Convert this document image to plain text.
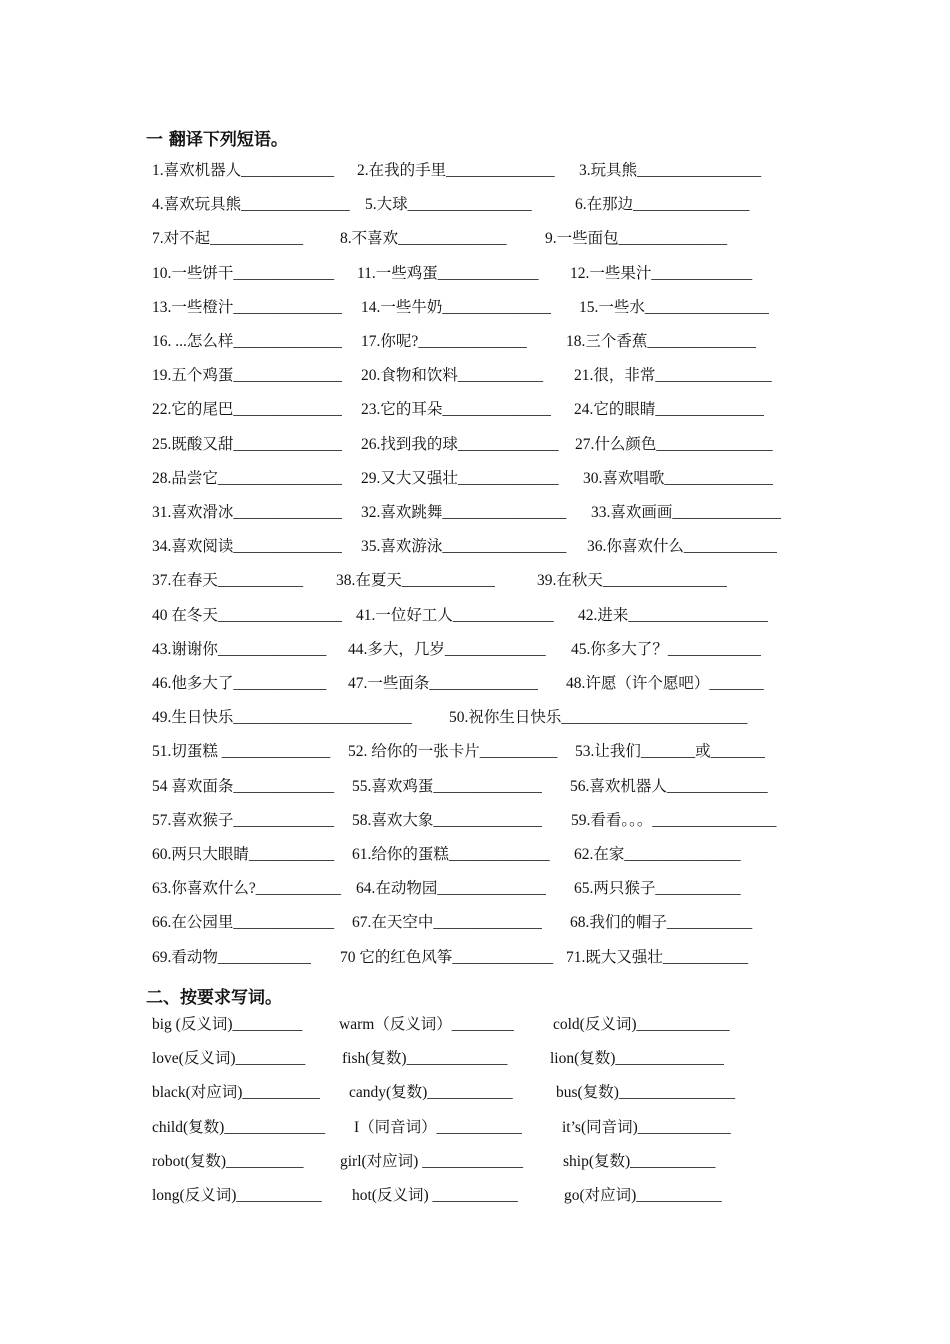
一 翻译下列短语。
1.喜欢机器人____________ 2.在我的手里______________ 3.玩具熊________________
4.喜欢玩具熊______________ 5.大球________________	6.在那边_______________
7.对不起____________ 8.不喜欢______________ 9.一些面包______________
10.一些饼干_____________ 11.一些鸡蛋_____________ 12.一些果汁_____________
13.一些橙汁______________ 14.一些牛奶______________ 15.一些水________________
16. ...怎么样______________ 17.你呢?______________	18.三个香蕉______________
19.五个鸡蛋______________ 20.食物和饮料___________ 21.很，非常_______________
22.它的尾巴______________ 23.它的耳朵______________ 24.它的眼睛______________
25.既酸又甜______________ 26.找到我的球_____________ 27.什么颜色_______________
28.品尝它________________ 29.又大又强壮_____________ 30.喜欢唱歌______________
31.喜欢滑冰______________ 32.喜欢跳舞________________ 33.喜欢画画______________
34.喜欢阅读______________ 35.喜欢游泳________________ 36.你喜欢什么____________
37.在春天___________ 38.在夏天____________	39.在秋天________________
40 在冬天________________ 41.一位好工人_____________ 42.进来__________________
43.谢谢你______________ 44.多大，几岁_____________ 45.你多大了？____________
46.他多大了____________ 47.一些面条______________ 48.许愿（许个愿吧）_______
49.生日快乐_______________________ 50.祝你生日快乐________________________
51.切蛋糕 ______________ 52. 给你的一张卡片__________ 53.让我们_______或_______
54 喜欢面条_____________ 55.喜欢鸡蛋______________ 56.喜欢机器人_____________
57.喜欢猴子_____________ 58.喜欢大象______________ 59.看看。。。________________
60.两只大眼睛___________ 61.给你的蛋糕_____________ 62.在家_______________
63.你喜欢什么?___________ 64.在动物园______________ 65.两只猴子___________
66.在公园里_____________ 67.在天空中______________ 68.我们的帽子___________
69.看动物____________ 70 它的红色风筝_____________ 71.既大又强壮___________
二、按要求写词。
big (反义词)_________ warm（反义词）________	cold(反义词)____________
love(反义词)_________ fish(复数)_____________	lion(复数)______________
black(对应词)__________ candy(复数)___________	bus(复数)_______________
child(复数)_____________ I（同音词）___________	it’s(同音词)____________
robot(复数)__________ girl(对应词) _____________	ship(复数)___________
long(反义词)___________ hot(反义词) ___________	go(对应词)___________
